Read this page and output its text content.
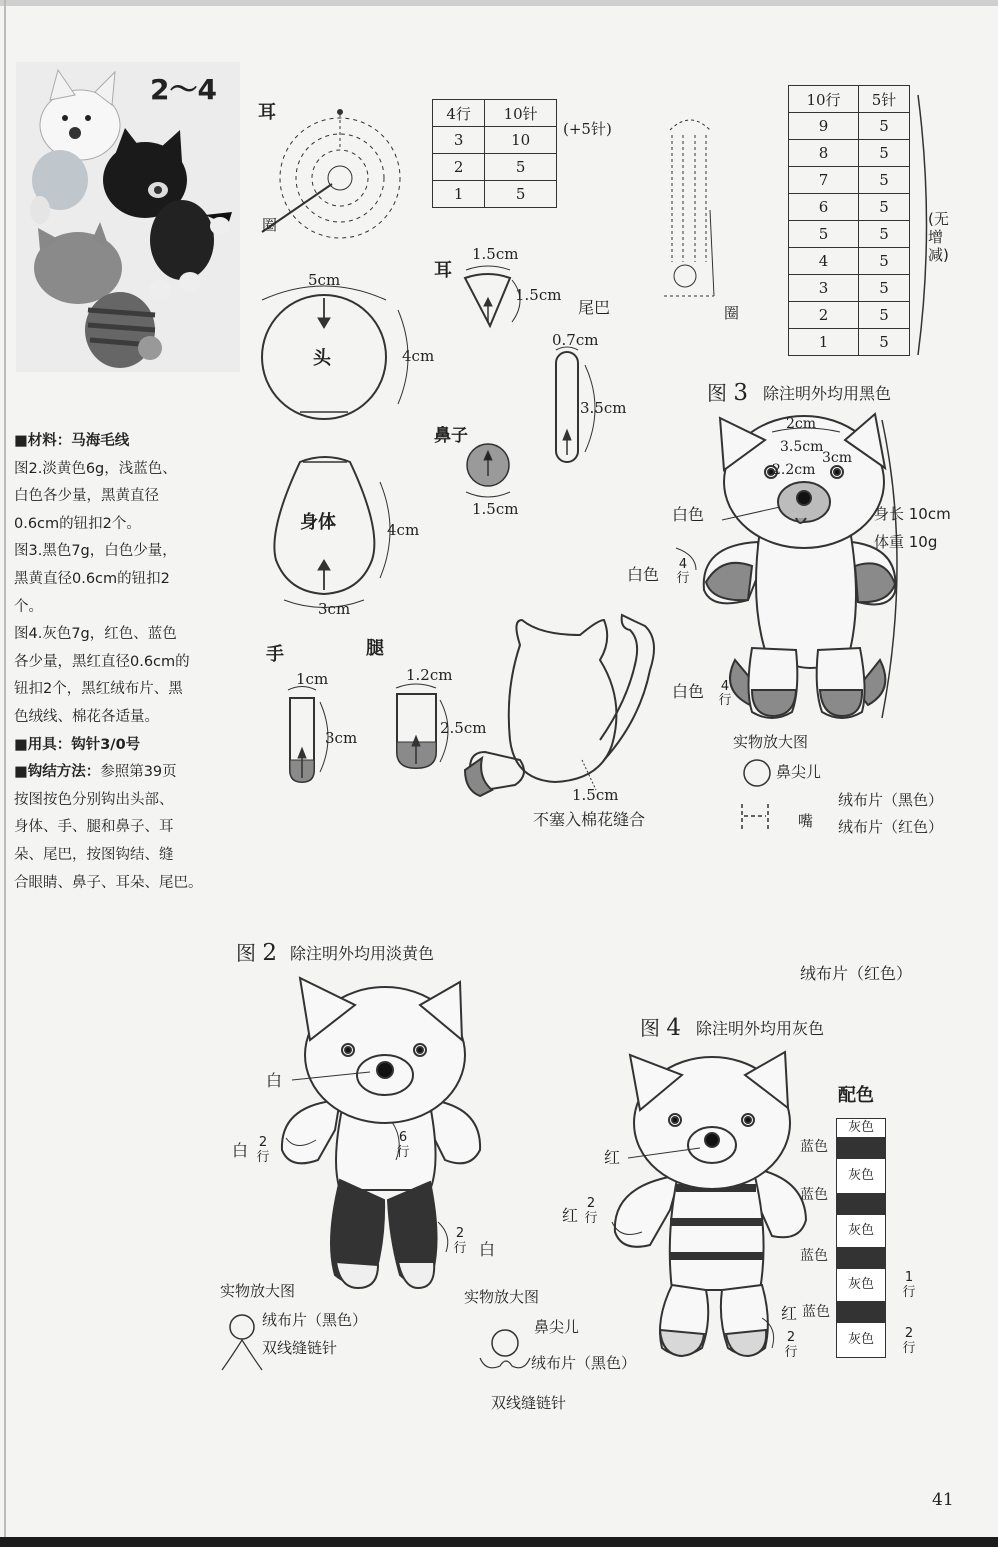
2～4

■材料：马海毛线

图2.淡黄色6g，浅蓝色、

白色各少量，黑黄直径

0.6cm的钮扣2个。

图3.黑色7g，白色少量，

黑黄直径0.6cm的钮扣2

个。

图4.灰色7g，红色、蓝色

各少量，黑红直径0.6cm的

钮扣2个，黑红绒布片、黑

色绒线、棉花各适量。

■用具：钩针3/0号

■钩结方法：参照第39页

按图按色分别钩出头部、

身体、手、腿和鼻子、耳

朵、尾巴，按图钩结、缝

合眼睛、鼻子、耳朵、尾巴。

耳
圈
4行	10针
3	10
2	5
1	5
(+5针)
圈
10行	5针
9	5
8	5
7	5
6	5
5	5
4	5
3	5
2	5
1	5
(无增减)
5cm
头	4cm
身体	4cm
3cm
耳
1.5cm
1.5cm
尾巴
0.7cm
3.5cm
鼻子
1.5cm
手
1cm
3cm
腿
1.2cm
2.5cm
1.5cm
不塞入棉花缝合
图 3 除注明外均用黑色
2cm
3.5cm
3cm
2.2cm
白色
白色
4
行
白色 4
行
身长 10cm
体重 10g
实物放大图
鼻尖儿
嘴
绒布片（黑色）
绒布片（红色）
图 2 除注明外均用淡黄色
白
白 2
行
6
行
2
行 白
实物放大图
绒布片（黑色）
双线缝链针
实物放大图
鼻尖儿
绒布片（黑色）
双线缝链针
绒布片（红色）
图 4 除注明外均用灰色
红
红
2
行
红
2
行
配色
灰色
蓝色
灰色
蓝色
灰色
蓝色
灰色
蓝色
灰色
1
行
2
行
41
